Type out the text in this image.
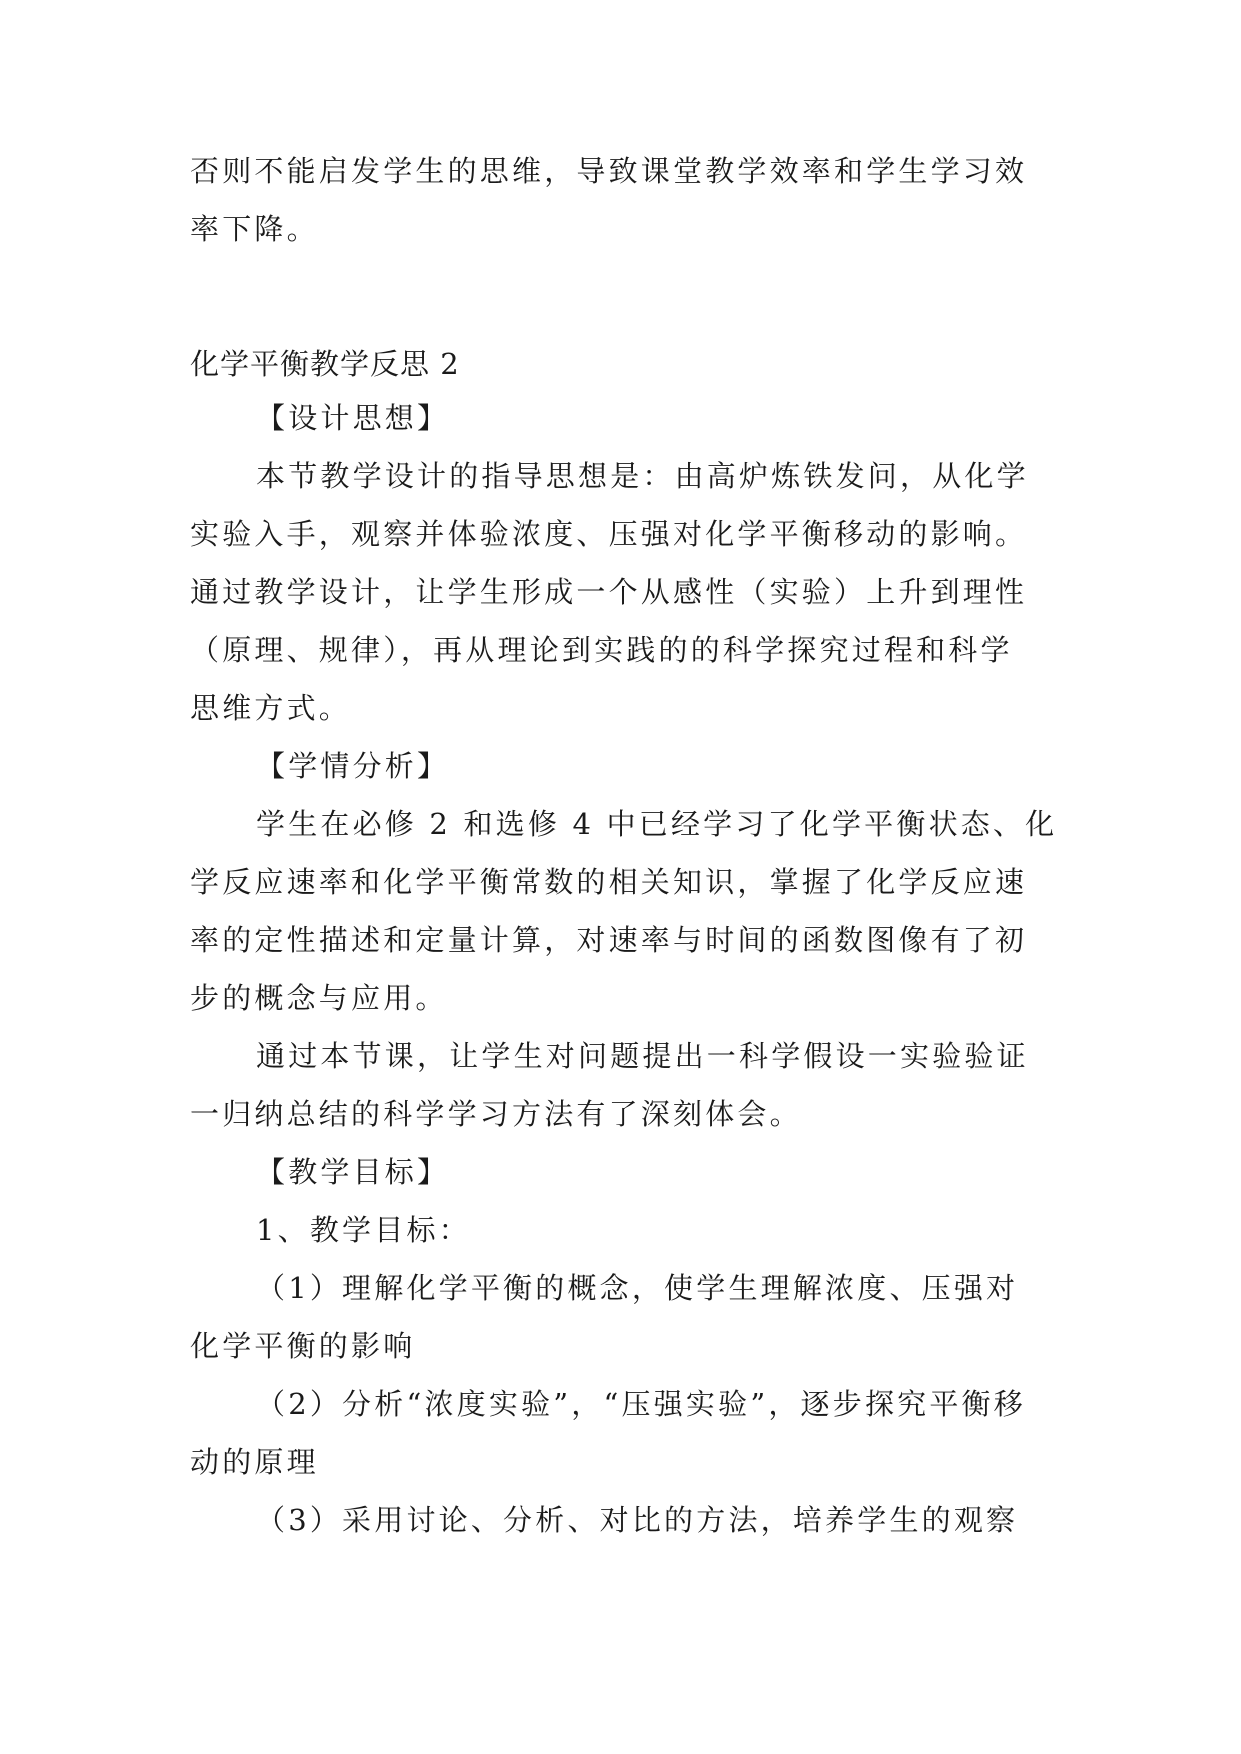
否则不能启发学生的思维，导致课堂教学效率和学生学习效
率下降。
化学平衡教学反思 2
【设计思想】
本节教学设计的指导思想是：由高炉炼铁发问，从化学
实验入手，观察并体验浓度、压强对化学平衡移动的影响。
通过教学设计，让学生形成一个从感性（实验）上升到理性
（原理、规律），再从理论到实践的的科学探究过程和科学
思维方式。
【学情分析】
学生在必修 2 和选修 4 中已经学习了化学平衡状态、化
学反应速率和化学平衡常数的相关知识，掌握了化学反应速
率的定性描述和定量计算，对速率与时间的函数图像有了初
步的概念与应用。
通过本节课，让学生对问题提出一科学假设一实验验证
一归纳总结的科学学习方法有了深刻体会。
【教学目标】
1、教学目标：
（1）理解化学平衡的概念，使学生理解浓度、压强对
化学平衡的影响
（2）分析“浓度实验”，“压强实验”，逐步探究平衡移
动的原理
（3）采用讨论、分析、对比的方法，培养学生的观察
